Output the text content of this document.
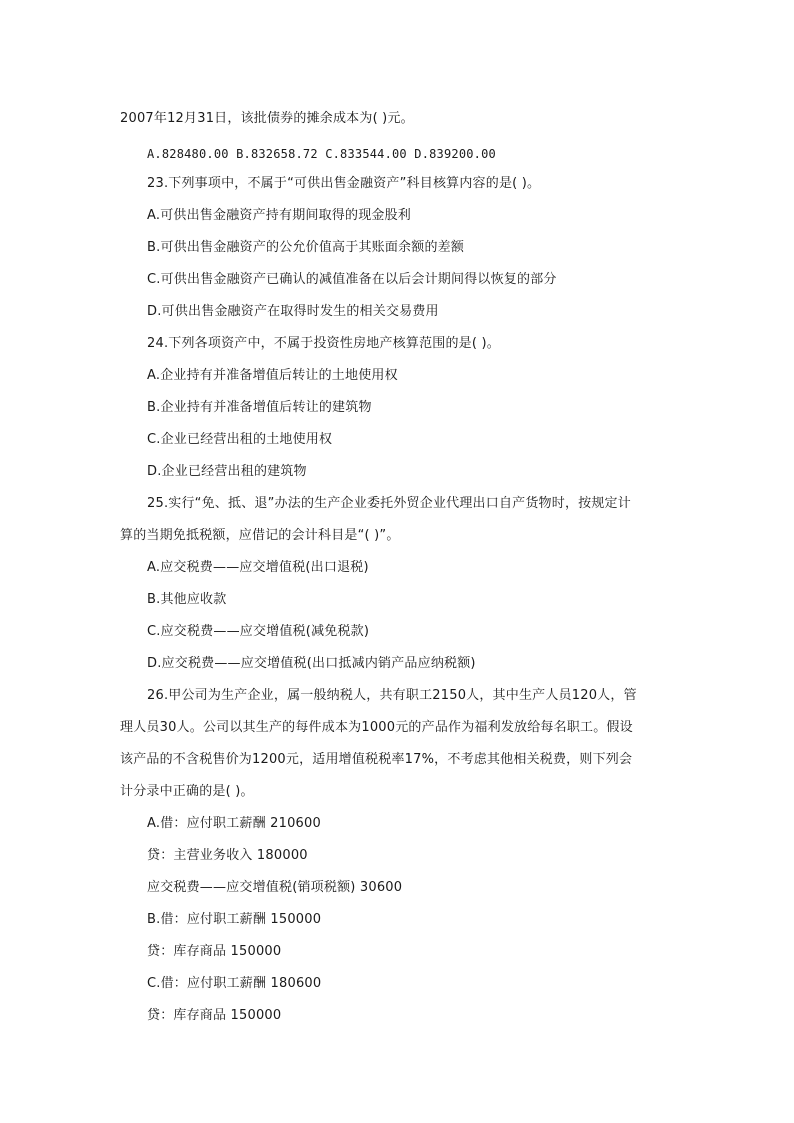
2007年12月31日，该批债券的摊余成本为( )元。
A.828480.00 B.832658.72 C.833544.00 D.839200.00
23.下列事项中，不属于“可供出售金融资产”科目核算内容的是( )。
A.可供出售金融资产持有期间取得的现金股利
B.可供出售金融资产的公允价值高于其账面余额的差额
C.可供出售金融资产已确认的减值准备在以后会计期间得以恢复的部分
D.可供出售金融资产在取得时发生的相关交易费用
24.下列各项资产中，不属于投资性房地产核算范围的是( )。
A.企业持有并准备增值后转让的土地使用权
B.企业持有并准备增值后转让的建筑物
C.企业已经营出租的土地使用权
D.企业已经营出租的建筑物
25.实行“免、抵、退”办法的生产企业委托外贸企业代理出口自产货物时，按规定计
算的当期免抵税额，应借记的会计科目是“( )”。
A.应交税费——应交增值税(出口退税)
B.其他应收款
C.应交税费——应交增值税(减免税款)
D.应交税费——应交增值税(出口抵减内销产品应纳税额)
26.甲公司为生产企业，属一般纳税人，共有职工2150人，其中生产人员120人，管
理人员30人。公司以其生产的每件成本为1000元的产品作为福利发放给每名职工。假设
该产品的不含税售价为1200元，适用增值税税率17%，不考虑其他相关税费，则下列会
计分录中正确的是( )。
A.借：应付职工薪酬 210600
贷：主营业务收入 180000
应交税费——应交增值税(销项税额) 30600
B.借：应付职工薪酬 150000
贷：库存商品 150000
C.借：应付职工薪酬 180600
贷：库存商品 150000
